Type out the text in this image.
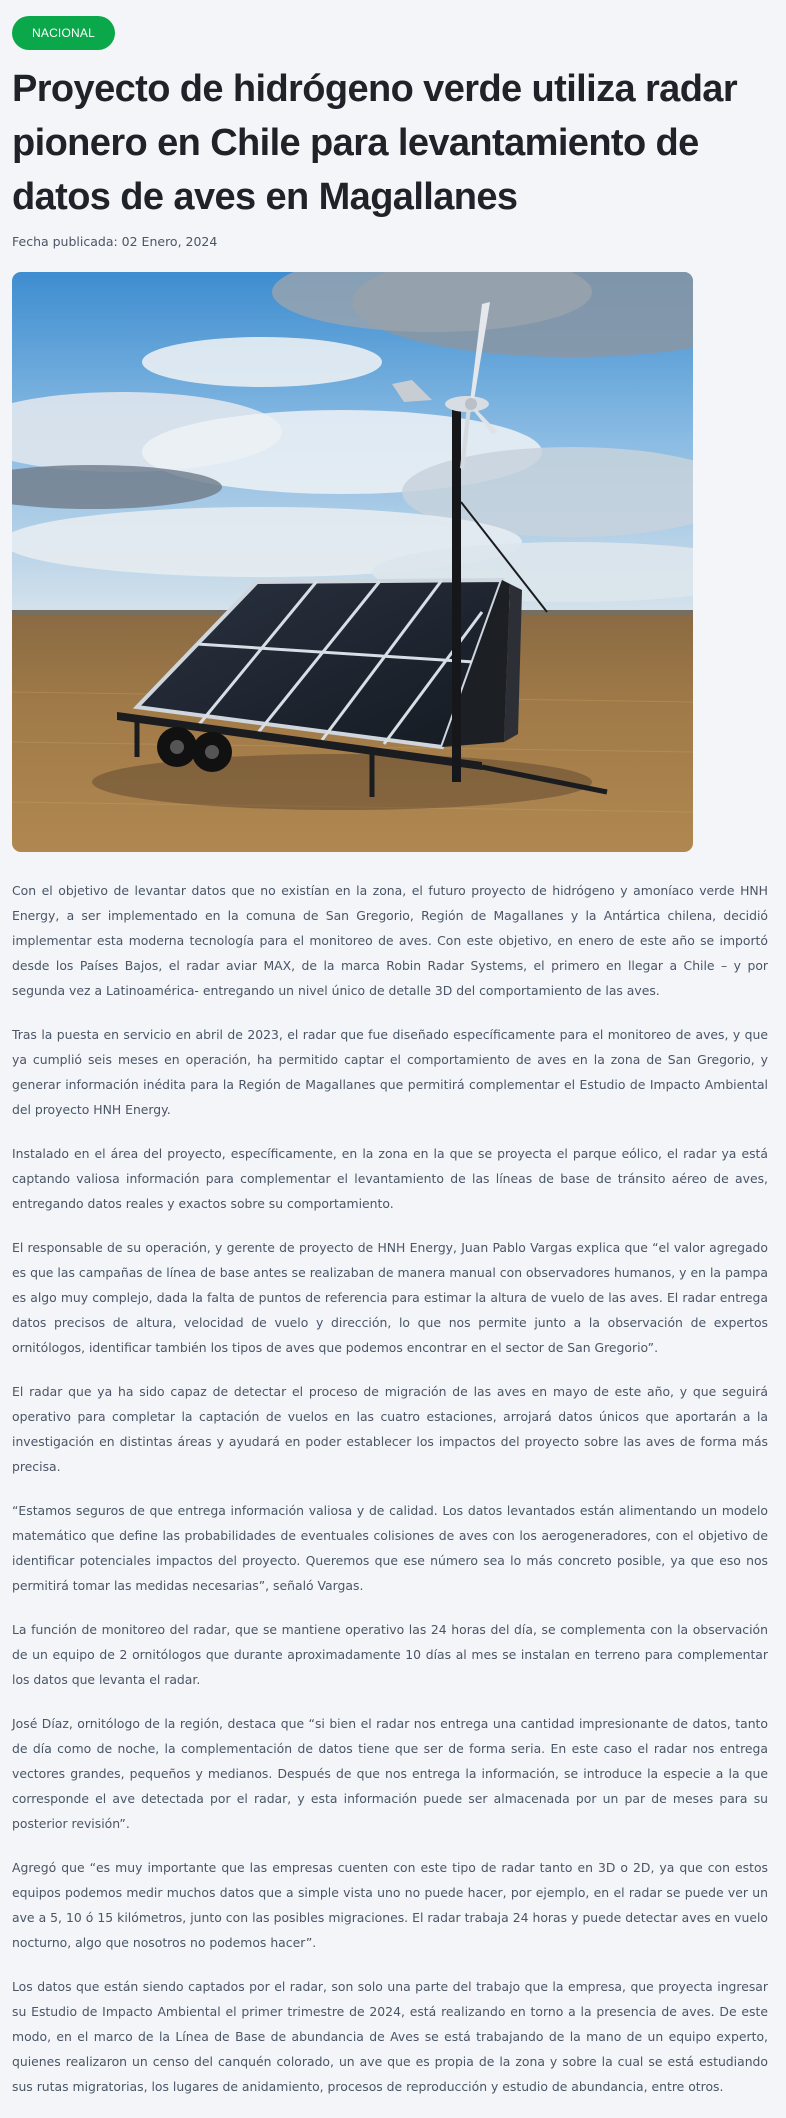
NACIONAL
Proyecto de hidrógeno verde utiliza radar pionero en Chile para levantamiento de datos de aves en Magallanes
Fecha publicada: 02 Enero, 2024

Con el objetivo de levantar datos que no existían en la zona, el futuro proyecto de hidrógeno y amoníaco verde HNH Energy, a ser implementado en la comuna de San Gregorio, Región de Magallanes y la Antártica chilena, decidió implementar esta moderna tecnología para el monitoreo de aves. Con este objetivo, en enero de este año se importó desde los Países Bajos, el radar aviar MAX, de la marca Robin Radar Systems, el primero en llegar a Chile – y por segunda vez a Latinoamérica- entregando un nivel único de detalle 3D del comportamiento de las aves.

Tras la puesta en servicio en abril de 2023, el radar que fue diseñado específicamente para el monitoreo de aves, y que ya cumplió seis meses en operación, ha permitido captar el comportamiento de aves en la zona de San Gregorio, y generar información inédita para la Región de Magallanes que permitirá complementar el Estudio de Impacto Ambiental del proyecto HNH Energy.

Instalado en el área del proyecto, específicamente, en la zona en la que se proyecta el parque eólico, el radar ya está captando valiosa información para complementar el levantamiento de las líneas de base de tránsito aéreo de aves, entregando datos reales y exactos sobre su comportamiento.

El responsable de su operación, y gerente de proyecto de HNH Energy, Juan Pablo Vargas explica que “el valor agregado es que las campañas de línea de base antes se realizaban de manera manual con observadores humanos, y en la pampa es algo muy complejo, dada la falta de puntos de referencia para estimar la altura de vuelo de las aves. El radar entrega datos precisos de altura, velocidad de vuelo y dirección, lo que nos permite junto a la observación de expertos ornitólogos, identificar también los tipos de aves que podemos encontrar en el sector de San Gregorio”.

El radar que ya ha sido capaz de detectar el proceso de migración de las aves en mayo de este año, y que seguirá operativo para completar la captación de vuelos en las cuatro estaciones, arrojará datos únicos que aportarán a la investigación en distintas áreas y ayudará en poder establecer los impactos del proyecto sobre las aves de forma más precisa.

“Estamos seguros de que entrega información valiosa y de calidad. Los datos levantados están alimentando un modelo matemático que define las probabilidades de eventuales colisiones de aves con los aerogeneradores, con el objetivo de identificar potenciales impactos del proyecto. Queremos que ese número sea lo más concreto posible, ya que eso nos permitirá tomar las medidas necesarias”, señaló Vargas.

La función de monitoreo del radar, que se mantiene operativo las 24 horas del día, se complementa con la observación de un equipo de 2 ornitólogos que durante aproximadamente 10 días al mes se instalan en terreno para complementar los datos que levanta el radar.

José Díaz, ornitólogo de la región, destaca que “si bien el radar nos entrega una cantidad impresionante de datos, tanto de día como de noche, la complementación de datos tiene que ser de forma seria. En este caso el radar nos entrega vectores grandes, pequeños y medianos. Después de que nos entrega la información, se introduce la especie a la que corresponde el ave detectada por el radar, y esta información puede ser almacenada por un par de meses para su posterior revisión”.

Agregó que “es muy importante que las empresas cuenten con este tipo de radar tanto en 3D o 2D, ya que con estos equipos podemos medir muchos datos que a simple vista uno no puede hacer, por ejemplo, en el radar se puede ver un ave a 5, 10 ó 15 kilómetros, junto con las posibles migraciones. El radar trabaja 24 horas y puede detectar aves en vuelo nocturno, algo que nosotros no podemos hacer”.

Los datos que están siendo captados por el radar, son solo una parte del trabajo que la empresa, que proyecta ingresar su Estudio de Impacto Ambiental el primer trimestre de 2024, está realizando en torno a la presencia de aves. De este modo, en el marco de la Línea de Base de abundancia de Aves se está trabajando de la mano de un equipo experto, quienes realizaron un censo del canquén colorado, un ave que es propia de la zona y sobre la cual se está estudiando sus rutas migratorias, los lugares de anidamiento, procesos de reproducción y estudio de abundancia, entre otros.
